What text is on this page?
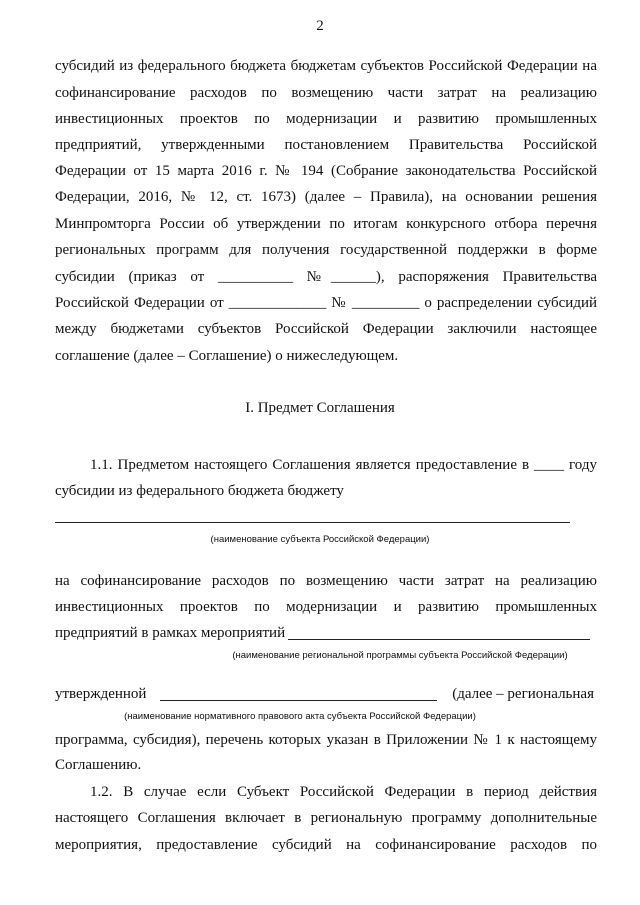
2
субсидий из федерального бюджета бюджетам субъектов Российской Федерации на
софинансирование расходов по возмещению части затрат на реализацию
инвестиционных проектов по модернизации и развитию промышленных
предприятий, утвержденными постановлением Правительства Российской
Федерации от 15 марта 2016 г. № 194 (Собрание законодательства Российской
Федерации, 2016, № 12, ст. 1673) (далее – Правила), на основании решения
Минпромторга России об утверждении по итогам конкурсного отбора перечня
региональных программ для получения государственной поддержки в форме
субсидии (приказ от __________ №______), распоряжения Правительства
Российской Федерации от _____________ № _________ о распределении субсидий
между бюджетами субъектов Российской Федерации заключили настоящее
соглашение (далее – Соглашение) о нижеследующем.
I. Предмет Соглашения
1.1. Предметом настоящего Соглашения является предоставление в ____ году
субсидии из федерального бюджета бюджету
(наименование субъекта Российской Федерации)
на софинансирование расходов по возмещению части затрат на реализацию
инвестиционных проектов по модернизации и развитию промышленных
предприятий в рамках мероприятий
(наименование региональной программы субъекта Российской Федерации)
утвержденной	(далее – региональная
(наименование нормативного правового акта субъекта Российской Федерации)
программа, субсидия), перечень которых указан в Приложении № 1 к настоящему
Соглашению.
1.2. В случае если Субъект Российской Федерации в период действия
настоящего Соглашения включает в региональную программу дополнительные
мероприятия, предоставление субсидий на софинансирование расходов по
